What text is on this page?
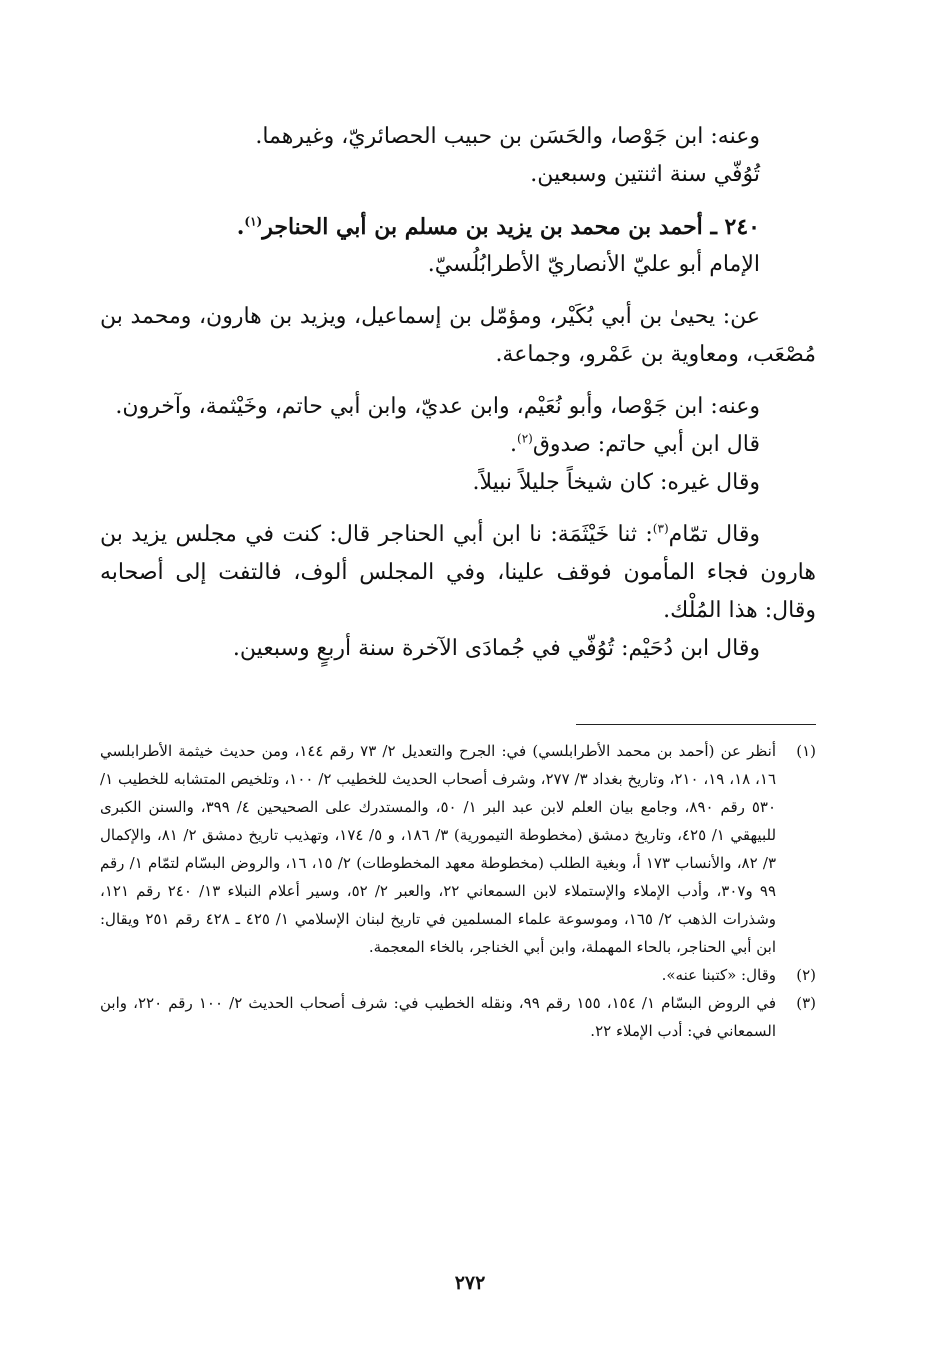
وعنه: ابن جَوْصا، والحَسَن بن حبيب الحصائريّ، وغيرهما.

تُوُفّي سنة اثنتين وسبعين.

٢٤٠ ـ أحمد بن محمد بن يزيد بن مسلم بن أبي الحناجر$^{(١)}$.

الإمام أبو عليّ الأنصاريّ الأطرابُلُسيّ.

عن: يحيىٰ بن أبي بُكَيْر، ومؤمّل بن إسماعيل، ويزيد بن هارون، ومحمد بن مُصْعَب، ومعاوية بن عَمْرو، وجماعة.

وعنه: ابن جَوْصا، وأبو نُعَيْم، وابن عديّ، وابن أبي حاتم، وخَيْثمة، وآخرون.

قال ابن أبي حاتم: صدوق$^{(٢)}$.

وقال غيره: كان شيخاً جليلاً نبيلاً.

وقال تمّام$^{(٣)}$: ثنا خَيْثَمَة: نا ابن أبي الحناجر قال: كنت في مجلس يزيد بن هارون فجاء المأمون فوقف علينا، وفي المجلس ألوف، فالتفت إلى أصحابه وقال: هذا المُلْك.

وقال ابن دُحَيْم: تُوُفّي في جُمادَى الآخرة سنة أربعٍ وسبعين.

(١)
أنظر عن (أحمد بن محمد الأطرابلسي) في: الجرح والتعديل ٢/ ٧٣ رقم ١٤٤، ومن حديث خيثمة الأطرابلسي ١٦، ١٨، ١٩، ٢١٠، وتاريخ بغداد ٣/ ٢٧٧، وشرف أصحاب الحديث للخطيب ٢/ ١٠٠، وتلخيص المتشابه للخطيب ١/ ٥٣٠ رقم ٨٩٠، وجامع بيان العلم لابن عبد البر ١/ ٥٠، والمستدرك على الصحيحين ٤/ ٣٩٩، والسنن الكبرى للبيهقي ١/ ٤٢٥، وتاريخ دمشق (مخطوطة التيمورية) ٣/ ١٨٦، و ٥/ ١٧٤، وتهذيب تاريخ دمشق ٢/ ٨١، والإكمال ٣/ ٨٢، والأنساب ١٧٣ أ، وبغية الطلب (مخطوطة معهد المخطوطات) ٢/ ١٥، ١٦، والروض البسّام لتمّام ١/ رقم ٩٩ و٣٠٧، وأدب الإملاء والإستملاء لابن السمعاني ٢٢، والعبر ٢/ ٥٢، وسير أعلام النبلاء ١٣/ ٢٤٠ رقم ١٢١، وشذرات الذهب ٢/ ١٦٥، وموسوعة علماء المسلمين في تاريخ لبنان الإسلامي ١/ ٤٢٥ ـ ٤٢٨ رقم ٢٥١ ويقال: ابن أبي الحناجر، بالحاء المهملة، وابن أبي الخناجر، بالخاء المعجمة.
(٢)
وقال: «كتبنا عنه».
(٣)
في الروض البسّام ١/ ١٥٤، ١٥٥ رقم ٩٩، ونقله الخطيب في: شرف أصحاب الحديث ٢/ ١٠٠ رقم ٢٢٠، وابن السمعاني في: أدب الإملاء ٢٢.
٢٧٢
